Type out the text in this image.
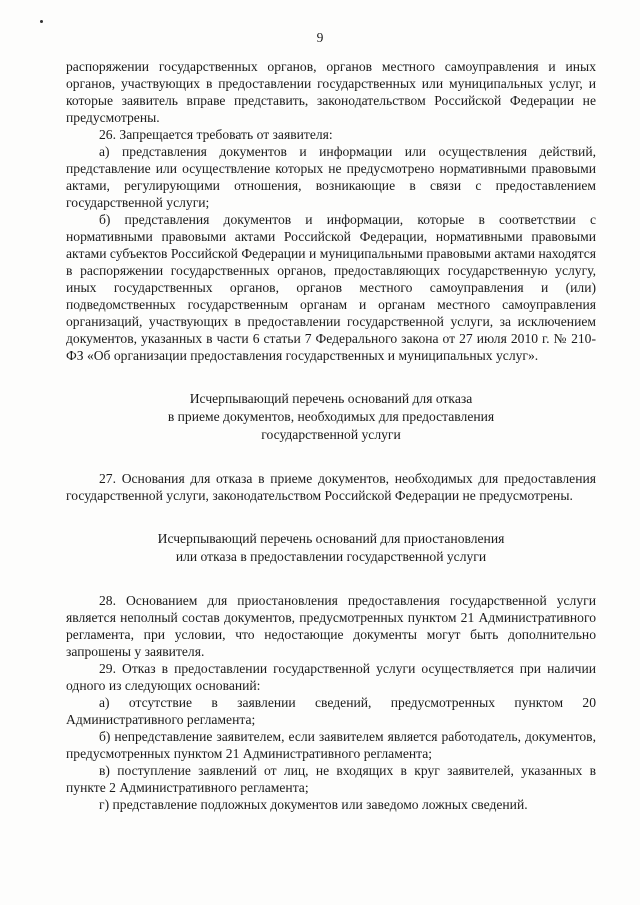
9

распоряжении государственных органов, органов местного самоуправления и иных органов, участвующих в предоставлении государственных или муниципальных услуг, и которые заявитель вправе представить, законодательством Российской Федерации не предусмотрены.

26. Запрещается требовать от заявителя:

а) представления документов и информации или осуществления действий, представление или осуществление которых не предусмотрено нормативными правовыми актами, регулирующими отношения, возникающие в связи с предоставлением государственной услуги;

б) представления документов и информации, которые в соответствии с нормативными правовыми актами Российской Федерации, нормативными правовыми актами субъектов Российской Федерации и муниципальными правовыми актами находятся в распоряжении государственных органов, предоставляющих государственную услугу, иных государственных органов, органов местного самоуправления и (или) подведомственных государственным органам и органам местного самоуправления организаций, участвующих в предоставлении государственной услуги, за исключением документов, указанных в части 6 статьи 7 Федерального закона от 27 июля 2010 г. № 210-ФЗ «Об организации предоставления государственных и муниципальных услуг».

Исчерпывающий перечень оснований для отказа
в приеме документов, необходимых для предоставления
государственной услуги

27. Основания для отказа в приеме документов, необходимых для предоставления государственной услуги, законодательством Российской Федерации не предусмотрены.

Исчерпывающий перечень оснований для приостановления
или отказа в предоставлении государственной услуги

28. Основанием для приостановления предоставления государственной услуги является неполный состав документов, предусмотренных пунктом 21 Административного регламента, при условии, что недостающие документы могут быть дополнительно запрошены у заявителя.

29. Отказ в предоставлении государственной услуги осуществляется при наличии одного из следующих оснований:

а) отсутствие в заявлении сведений, предусмотренных пунктом 20 Административного регламента;

б) непредставление заявителем, если заявителем является работодатель, документов, предусмотренных пунктом 21 Административного регламента;

в) поступление заявлений от лиц, не входящих в круг заявителей, указанных в пункте 2 Административного регламента;

г) представление подложных документов или заведомо ложных сведений.
